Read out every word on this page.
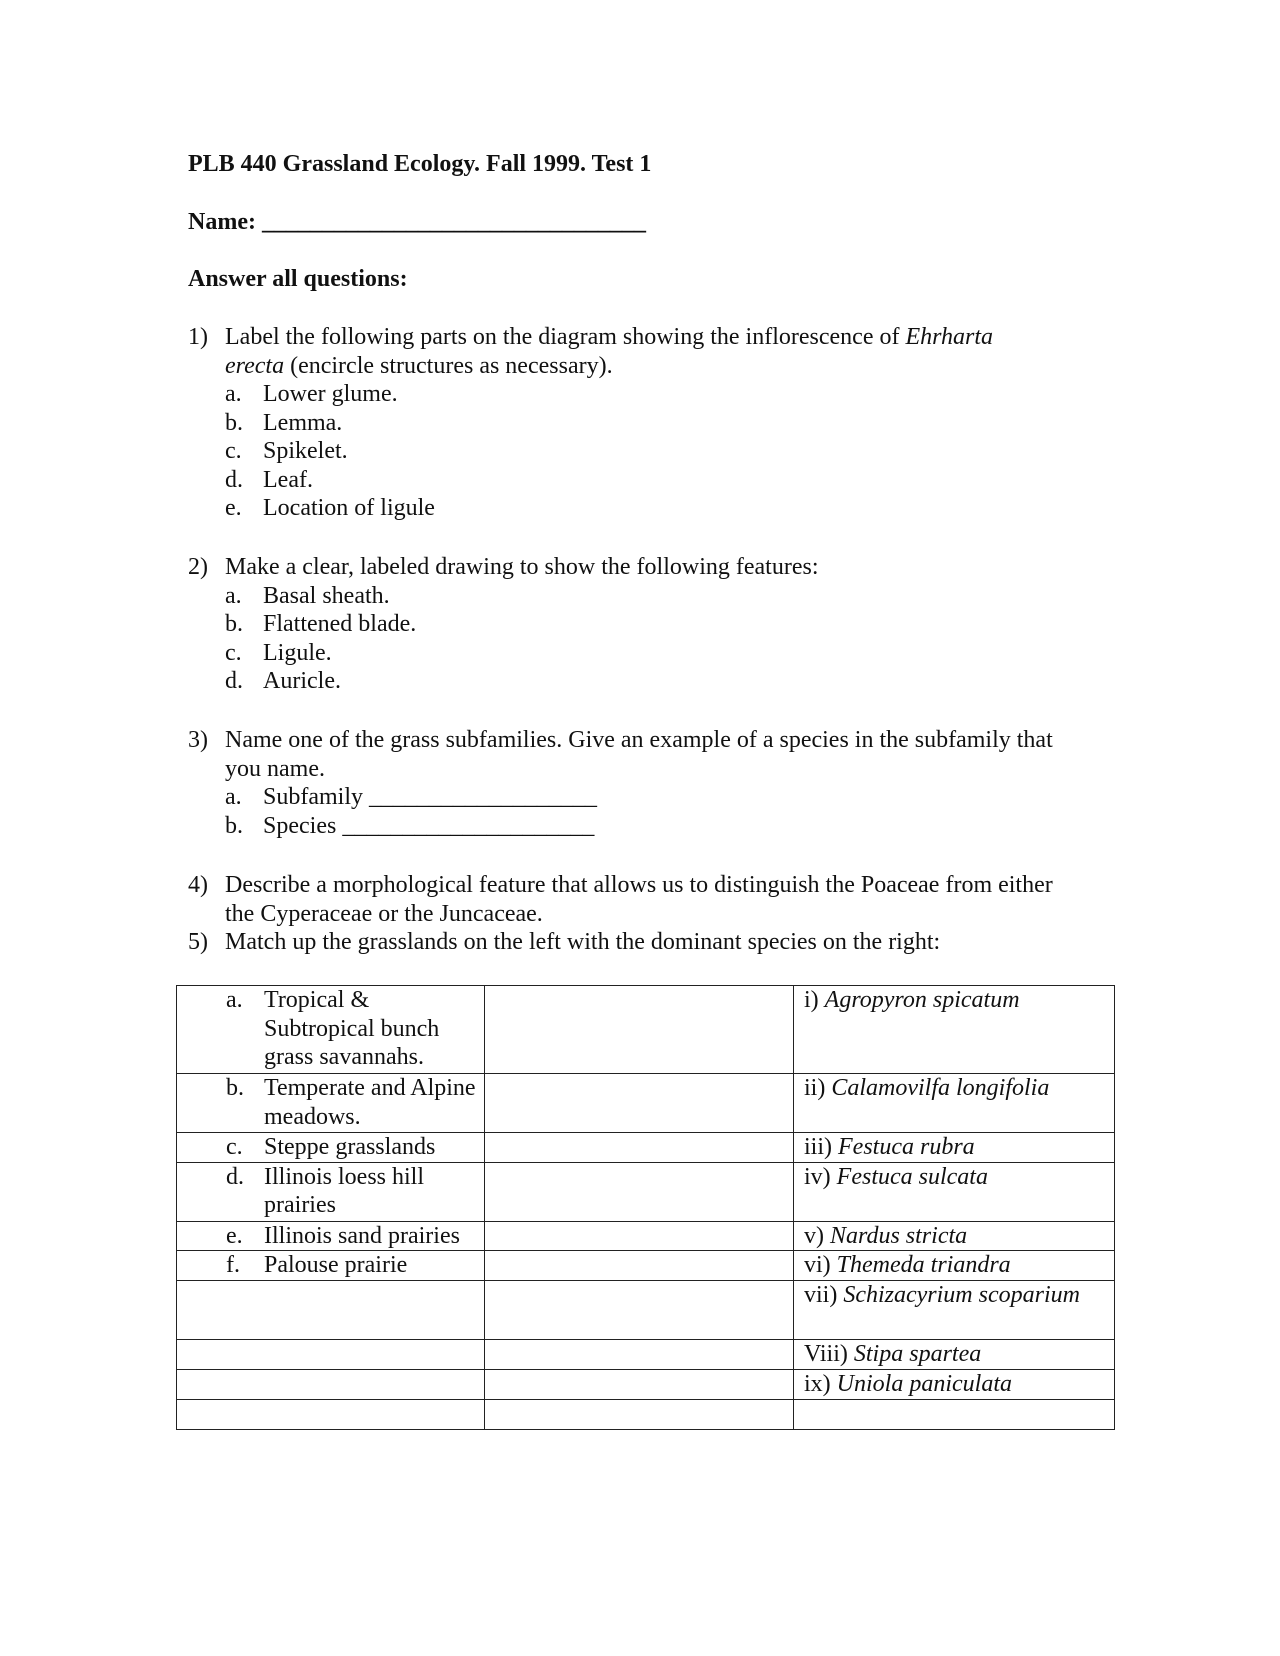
PLB 440 Grassland Ecology. Fall 1999. Test 1
Name: ________________________________
Answer all questions:
1) Label the following parts on the diagram showing the inflorescence of Ehrharta
erecta (encircle structures as necessary).
a. Lower glume.
b. Lemma.
c. Spikelet.
d. Leaf.
e. Location of ligule
2) Make a clear, labeled drawing to show the following features:
a. Basal sheath.
b. Flattened blade.
c. Ligule.
d. Auricle.
3) Name one of the grass subfamilies. Give an example of a species in the subfamily that you name.
a. Subfamily ___________________
b. Species _____________________
4) Describe a morphological feature that allows us to distinguish the Poaceae from either the Cyperaceae or the Juncaceae.
5) Match up the grasslands on the left with the dominant species on the right:
a. Tropical & Subtropical bunch grass savannahs.		i) Agropyron spicatum

b. Temperate and Alpine meadows.		ii) Calamovilfa longifolia

c. Steppe grasslands		iii) Festuca rubra

d. Illinois loess hill prairies		iv) Festuca sulcata

e. Illinois sand prairies		v) Nardus stricta

f. Palouse prairie		vi) Themeda triandra
		vii) Schizacyrium scoparium
		Viii) Stipa spartea
		ix) Uniola paniculata
